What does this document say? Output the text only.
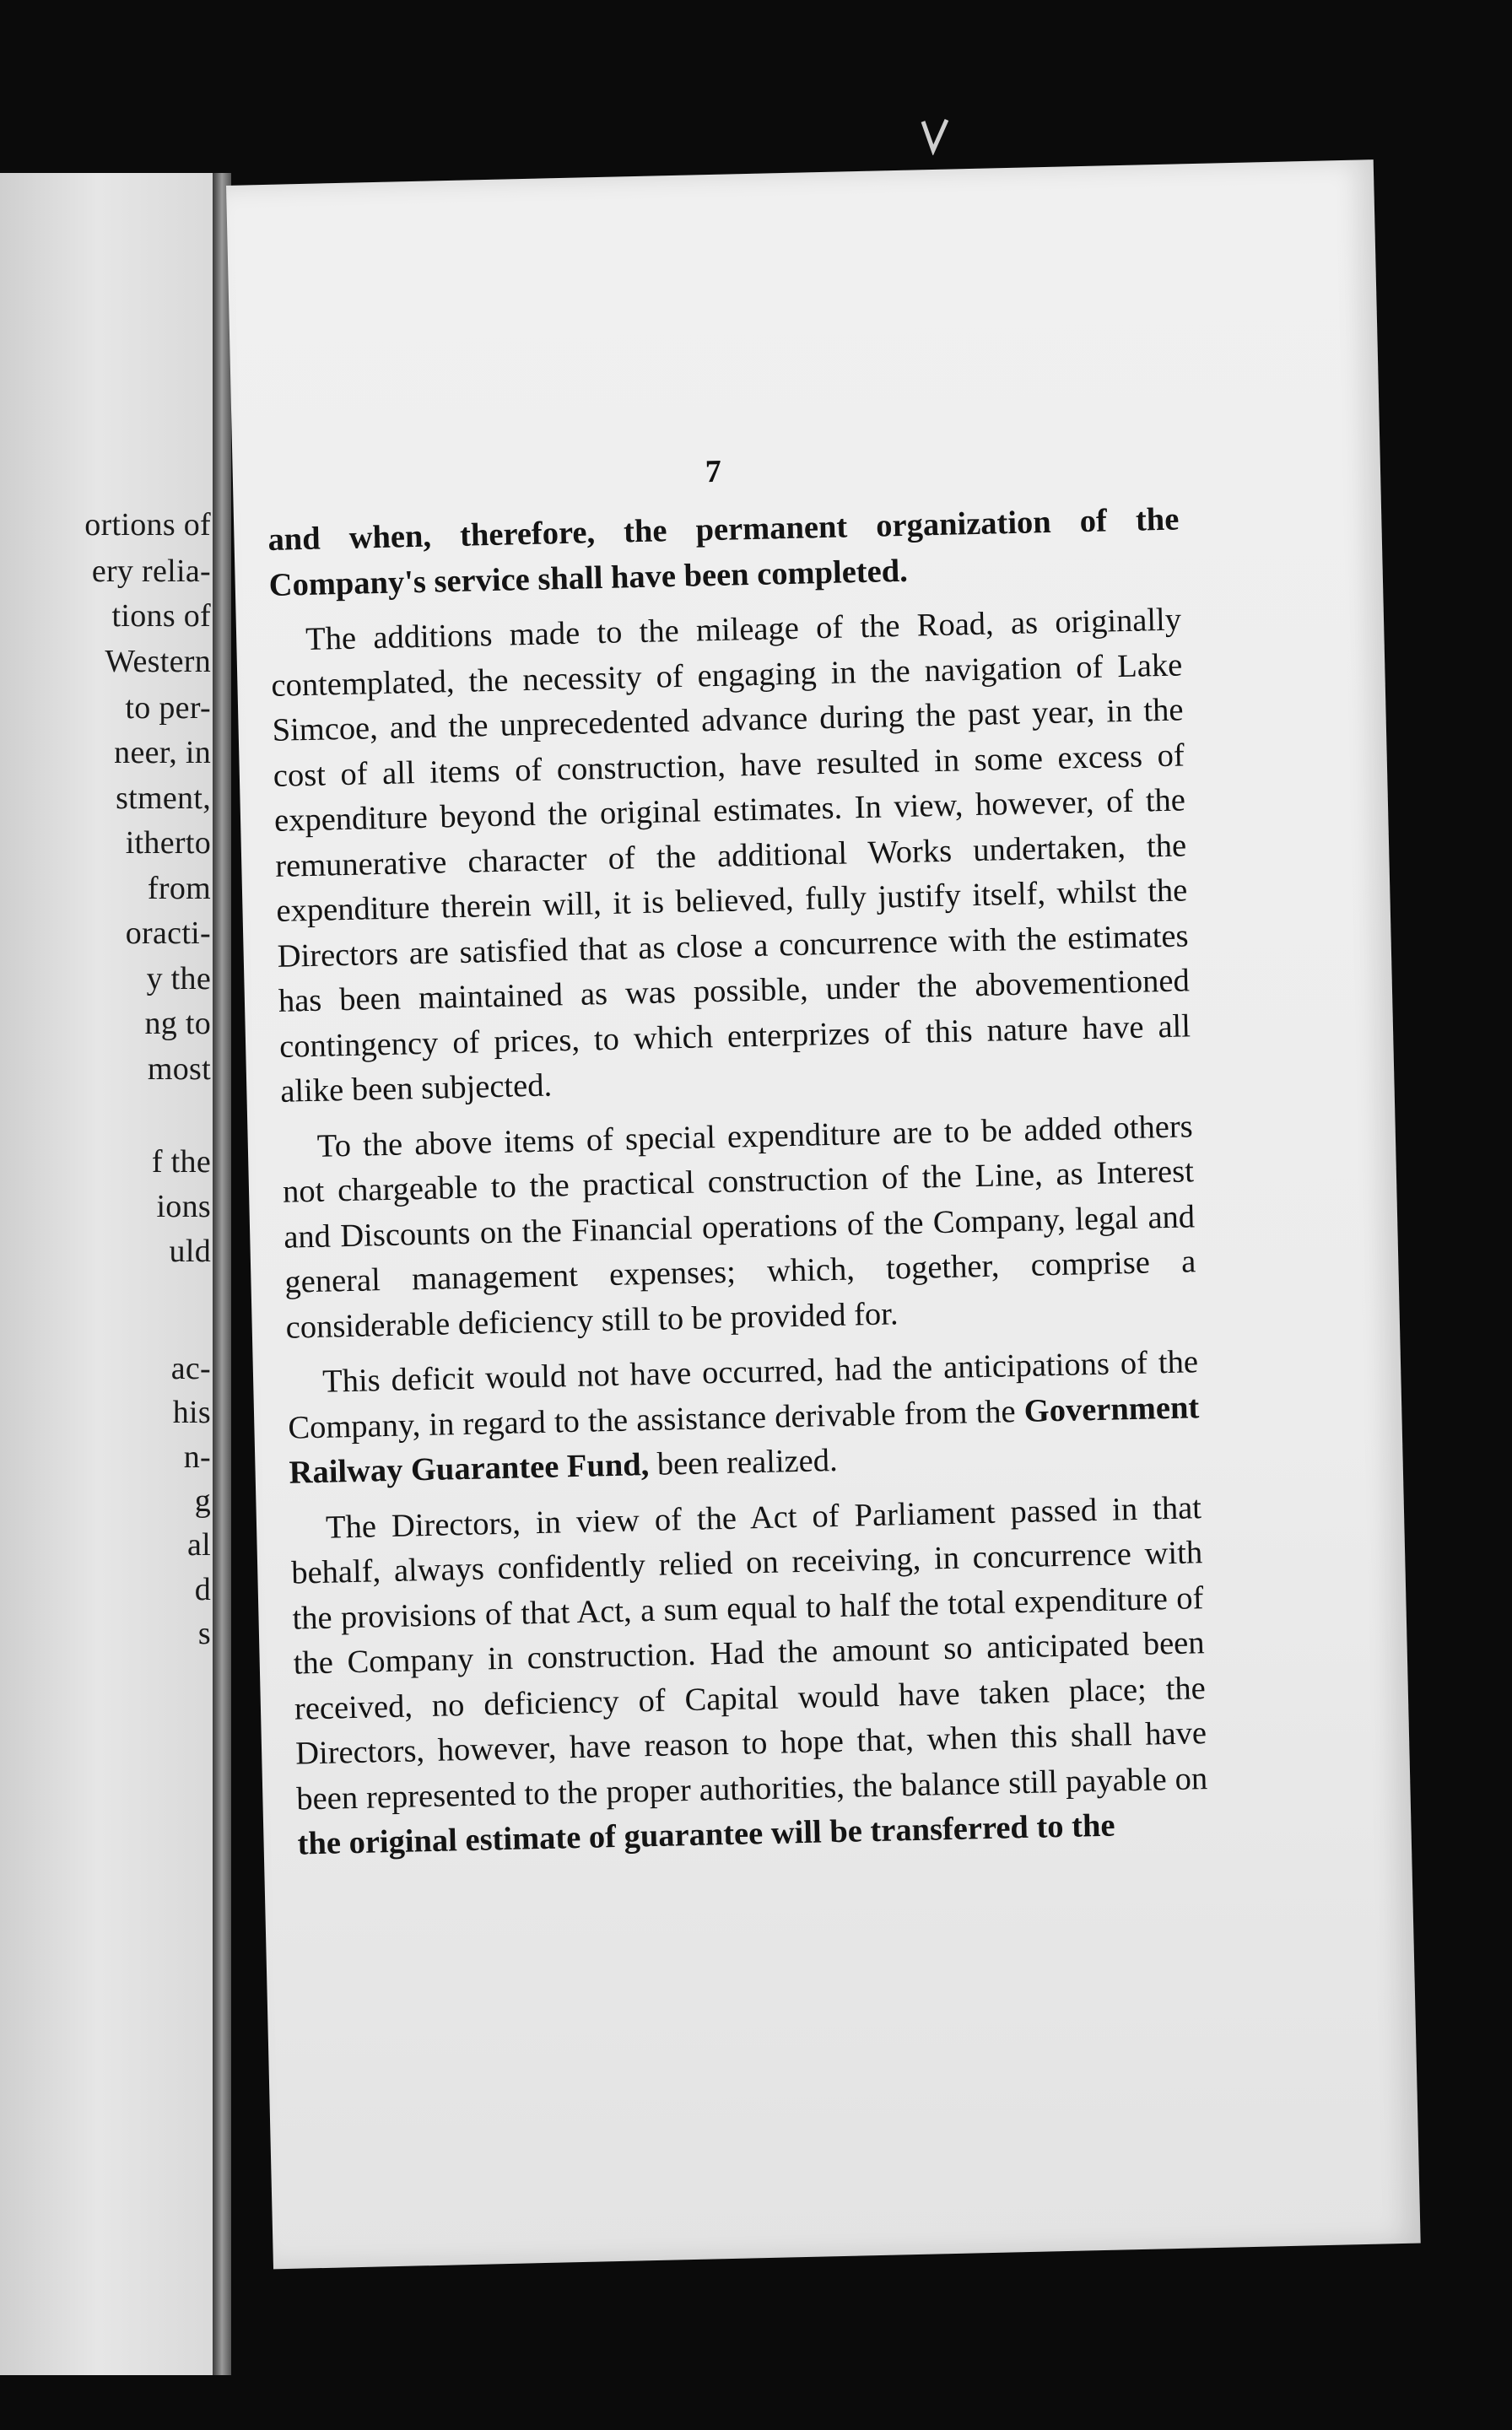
ortions of
ery relia-
tions of
Western
to per-
neer, in
stment,
itherto
from
oracti-
y the
ng to
most
f the
ions
uld
ac-
his
n-
g
al
d
s
7

and when, therefore, the permanent organization of the Company's service shall have been completed.

The additions made to the mileage of the Road, as originally contemplated, the necessity of engaging in the navigation of Lake Simcoe, and the unprecedented advance during the past year, in the cost of all items of construction, have resulted in some excess of expenditure beyond the original estimates. In view, however, of the remunerative character of the additional Works undertaken, the expenditure therein will, it is believed, fully justify itself, whilst the Directors are satisfied that as close a concurrence with the estimates has been maintained as was possible, under the abovementioned contingency of prices, to which enterprizes of this nature have all alike been subjected.

To the above items of special expenditure are to be added others not chargeable to the practical construction of the Line, as Interest and Discounts on the Financial operations of the Company, legal and general management expenses; which, together, comprise a considerable deficiency still to be provided for.

This deficit would not have occurred, had the anticipations of the Company, in regard to the assistance derivable from the Government Railway Guarantee Fund, been realized.

The Directors, in view of the Act of Parliament passed in that behalf, always confidently relied on receiving, in concurrence with the provisions of that Act, a sum equal to half the total expenditure of the Company in construction. Had the amount so anticipated been received, no deficiency of Capital would have taken place; the Directors, however, have reason to hope that, when this shall have been represented to the proper authorities, the balance still payable on the original estimate of guarantee will be transferred to the
